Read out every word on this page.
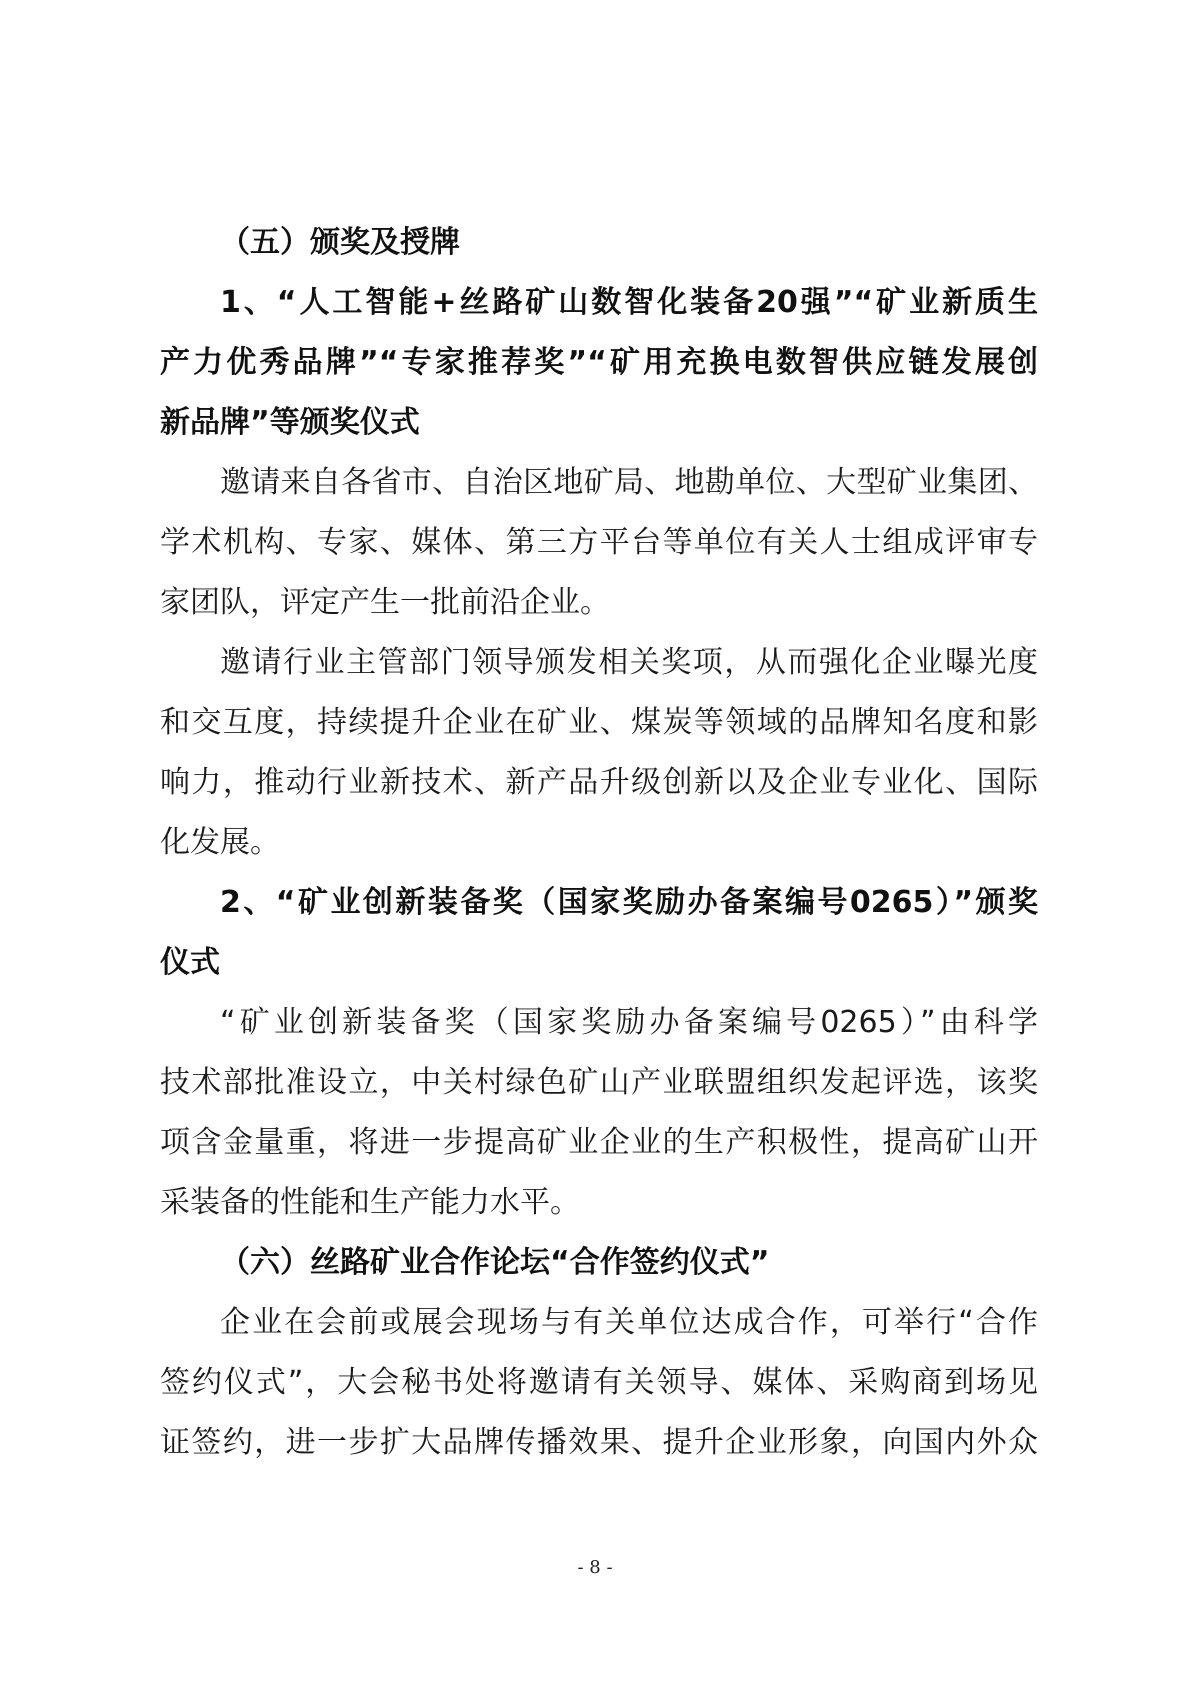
（五）颁奖及授牌
1、“人工智能+丝路矿山数智化装备20强”“矿业新质生
产力优秀品牌”“专家推荐奖”“矿用充换电数智供应链发展创
新品牌”等颁奖仪式
邀请来自各省市、自治区地矿局、地勘单位、大型矿业集团、
学术机构、专家、媒体、第三方平台等单位有关人士组成评审专
家团队，评定产生一批前沿企业。
邀请行业主管部门领导颁发相关奖项，从而强化企业曝光度
和交互度，持续提升企业在矿业、煤炭等领域的品牌知名度和影
响力，推动行业新技术、新产品升级创新以及企业专业化、国际
化发展。
2、“矿业创新装备奖（国家奖励办备案编号0265）”颁奖
仪式
“矿业创新装备奖（国家奖励办备案编号0265）”由科学
技术部批准设立，中关村绿色矿山产业联盟组织发起评选，该奖
项含金量重，将进一步提高矿业企业的生产积极性，提高矿山开
采装备的性能和生产能力水平。
（六）丝路矿业合作论坛“合作签约仪式”
企业在会前或展会现场与有关单位达成合作，可举行“合作
签约仪式”，大会秘书处将邀请有关领导、媒体、采购商到场见
证签约，进一步扩大品牌传播效果、提升企业形象，向国内外众
- 8 -
